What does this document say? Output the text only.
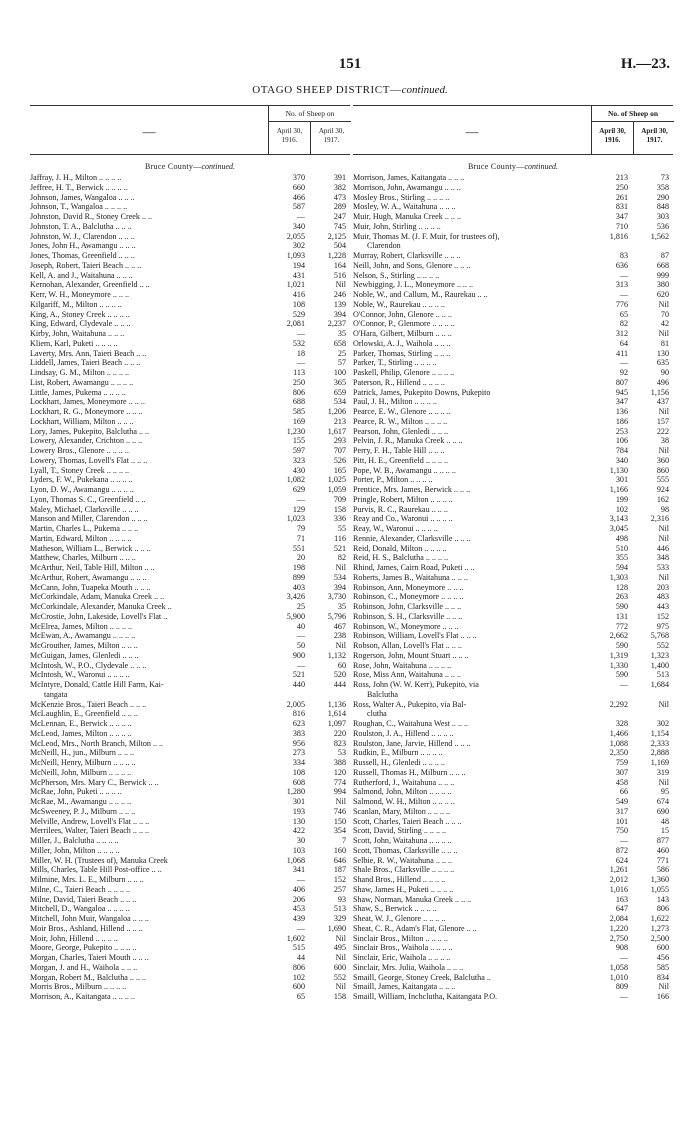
151	H.—23.
OTAGO SHEEP DISTRICT—continued.
—
No. of Sheep on
April 30, 1916.
April 30, 1917.
Bruce County—continued.
Jaffray, J. H., Milton .. .. .. ..	370	391
Jeffree, H. T., Berwick .. .. .. ..	660	382
Johnson, James, Wangaloa .. .. ..	466	473
Johnson, T., Wangaloa .. .. .. ..	587	289
Johnston, David R., Stoney Creek .. ..	—	247
Johnston, T. A., Balclutha .. .. ..	340	745
Johnston, W. J., Clarendon .. .. ..	2,055	2,125
Jones, John H., Awamangu .. .. ..	302	504
Jones, Thomas, Greenfield .. .. ..	1,093	1,228
Joseph, Robert, Taieri Beach .. .. ..	194	164
Kell, A. and J., Waitahuna .. .. ..	431	516
Kernohan, Alexander, Greenfield .. ..	1,021	Nil
Kerr, W. H., Moneymore .. .. ..	416	246
Kilgariff, M., Milton .. .. .. ..	108	139
King, A., Stoney Creek .. .. .. ..	529	394
King, Edward, Clydevale .. .. ..	2,081	2,237
Kirby, John, Waitahuna .. .. ..	—	35
Kliem, Karl, Puketi .. .. .. ..	532	658
Laverty, Mrs. Ann, Taieri Beach .. ..	18	25
Liddell, James, Taieri Beach .. .. ..	—	57
Lindsay, G. M., Milton .. .. .. ..	113	100
List, Robert, Awamangu .. .. .. ..	250	365
Little, James, Pukema .. .. .. ..	806	659
Lockhart, James, Moneymore .. .. ..	688	534
Lockhart, R. G., Moneymore .. .. ..	585	1,206
Lockhart, William, Milton .. .. ..	169	213
Lory, James, Pukepito, Balclutha .. ..	1,230	1,617
Lowery, Alexander, Crichton .. .. ..	155	293
Lowery Bros., Glenore .. .. .. ..	597	707
Lowery, Thomas, Lovell's Flat .. .. ..	323	526
Lyall, T., Stoney Creek .. .. .. ..	430	165
Lyders, F. W., Pukekana .. .. .. ..	1,082	1,025
Lyon, D. W., Awamangu .. .. .. ..	629	1,059
Lyon, Thomas S. C., Greenfield .. ..	—	709
Maley, Michael, Clarksville .. .. ..	129	158
Manson and Miller, Clarendon .. .. ..	1,023	336
Martin, Charles L., Pukema .. .. ..	79	55
Martin, Edward, Milton .. .. .. ..	71	116
Matheson, William L., Berwick .. .. ..	551	521
Matthew, Charles, Milburn .. .. ..	20	82
McArthur, Neil, Table Hill, Milton .. ..	198	Nil
McArthur, Robert, Awamangu .. .. ..	899	534
McCann, John, Tuapeka Mouth .. .. ..	403	394
McCorkindale, Adam, Manuka Creek .. ..	3,426	3,730
McCorkindale, Alexander, Manuka Creek ..	25	35
McCrostie, John, Lakeside, Lovell's Flat ..	5,900	5,796
McElrea, James, Milton .. .. .. ..	40	467
McEwan, A., Awamangu .. .. .. ..	—	238
McGrouther, James, Milton .. .. ..	50	Nil
McGuigan, James, Glenledi .. .. ..	900	1,132
McIntosh, W., P.O., Clydevale .. .. ..	—	60
McIntosh, W., Waronui .. .. .. ..	521	520
McIntyre, Donald, Cattle Hill Farm, Kai-	440	444
tangata
McKenzie Bros., Taieri Beach .. .. ..	2,005	1,136
McLaughlin, E., Greenfield .. .. ..	816	1,614
McLennan, E., Berwick .. .. .. ..	623	1,097
McLeod, James, Milton .. .. .. ..	383	220
McLeod, Mrs., North Branch, Milton .. ..	956	823
McNeill, H., jun., Milburn .. .. ..	273	53
McNeill, Henry, Milburn .. .. .. ..	334	388
McNeill, John, Milburn .. .. .. ..	108	120
McPherson, Mrs. Mary C., Berwick .. ..	608	774
McRae, John, Puketi .. .. .. ..	1,280	994
McRae, M., Awamangu .. .. .. ..	301	Nil
McSweeney, P. J., Milburn .. .. ..	193	746
Melville, Andrew, Lovell's Flat .. .. ..	130	150
Merrilees, Walter, Taieri Beach .. .. ..	422	354
Miller, J., Balclutha .. .. .. ..	30	7
Miller, John, Milton .. .. .. ..	103	160
Miller, W. H. (Trustees of), Manuka Creek	1,068	646
Mills, Charles, Table Hill Post-office .. ..	341	187
Milmine, Mrs. L. E., Milburn .. .. ..	—	152
Milne, C., Taieri Beach .. .. .. ..	406	257
Milne, David, Taieri Beach .. .. ..	206	93
Mitchell, D., Wangaloa .. .. .. ..	453	513
Mitchell, John Muir, Wangaloa .. .. ..	439	329
Moir Bros., Ashland, Hillend .. .. ..	—	1,690
Moir, John, Hillend .. .. .. ..	1,602	Nil
Moore, George, Pukepito .. .. .. ..	515	495
Morgan, Charles, Taieri Mouth .. .. ..	44	Nil
Morgan, J. and H., Waihola .. .. ..	806	600
Morgan, Robert M., Balclutha .. .. ..	102	552
Morris Bros., Milburn .. .. .. ..	600	Nil
Morrison, A., Kaitangata .. .. .. ..	65	158
—
No. of Sheep on
April 30, 1916.
April 30, 1917.
Bruce County—continued.
Morrison, James, Kaitangata .. .. ..	213	73
Morrison, John, Awamangu .. .. ..	250	358
Mosley Bros., Stirling .. .. .. ..	261	290
Mosley, W. A., Waitahuna .. .. ..	831	848
Muir, Hugh, Manuka Creek .. .. ..	347	303
Muir, John, Stirling .. .. .. ..	710	536
Muir, Thomas M. (J. F. Muir, for trustees of),	1,816	1,562
Clarendon
Murray, Robert, Clarksville .. .. ..	83	87
Neill, John, and Sons, Glenore .. .. ..	636	668
Nelson, S., Stirling .. .. .. ..	—	999
Newbigging, J. L., Moneymore .. .. ..	313	380
Noble, W., and Callum, M., Raurekau .. ..	—	620
Noble, W., Raurekau .. .. .. ..	776	Nil
O'Connor, John, Glenore .. .. ..	65	70
O'Connor, P., Glenmore .. .. .. ..	82	42
O'Hara, Gilbert, Milburn .. .. ..	312	Nil
Orlowski, A. J., Waihola .. .. ..	64	81
Parker, Thomas, Stirling .. .. ..	411	130
Parker, T., Stirling .. .. .. ..	—	635
Paskell, Philip, Glenore .. .. .. ..	92	90
Paterson, R., Hillend .. .. .. ..	807	496
Patrick, James, Pukepito Downs, Pukepito	945	1,156
Paul, J. H., Milton .. .. .. ..	347	437
Pearce, E. W., Glenore .. .. .. ..	136	Nil
Pearce, R. W., Milton .. .. .. ..	186	157
Pearson, John, Glenledi .. .. ..	253	222
Pelvin, J. R., Manuka Creek .. .. ..	106	38
Perry, F. H., Table Hill .. .. ..	784	Nil
Pitt, H. E., Greenfield .. .. .. ..	340	360
Pope, W. B., Awamangu .. .. .. ..	1,130	860
Porter, P., Milton .. .. .. ..	301	555
Prentice, Mrs. James, Berwick .. .. ..	1,166	924
Pringle, Robert, Milton .. .. .. ..	199	162
Purvis, R. C., Raurekau .. .. ..	102	98
Reay and Co., Waronui .. .. .. ..	3,143	2,316
Reay, W., Waronui .. .. .. ..	3,045	Nil
Rennie, Alexander, Clarksville .. .. ..	498	Nil
Reid, Donald, Milton .. .. .. ..	510	446
Reid, H. S., Balclutha .. .. .. ..	355	348
Rhind, James, Cairn Road, Puketi .. ..	594	533
Roberts, James B., Waitahuna .. .. ..	1,303	Nil
Robinson, Ann, Moneymore .. .. ..	128	203
Robinson, C., Moneymore .. .. .. ..	263	483
Robinson, John, Clarksville .. .. ..	590	443
Robinson, S. H., Clarksville .. .. ..	131	152
Robinson, W., Moneymore .. .. ..	772	975
Robinson, William, Lovell's Flat .. .. ..	2,662	5,768
Robson, Allan, Lovell's Flat .. .. ..	590	552
Rogerson, John, Mount Stuart .. .. ..	1,319	1,323
Rose, John, Waitahuna .. .. .. ..	1,330	1,400
Rose, Miss Ann, Waitahuna .. .. ..	590	513
Ross, John (W. W. Kerr), Pukepito, via	—	1,684
Balclutha
Ross, Walter A., Pukepito, via Bal-	2,292	Nil
clutha
Roughan, C., Waitahuna West .. .. ..	328	302
Roulston, J. A., Hillend .. .. .. ..	1,466	1,154
Roulston, Jane, Jarvie, Hillend .. .. ..	1,088	2,333
Rudkin, E., Milburn .. .. .. ..	2,350	2,888
Russell, H., Glenledi .. .. .. ..	759	1,169
Russell, Thomas H., Milburn .. .. ..	307	319
Rutherford, J., Waitahuna .. .. ..	458	Nil
Salmond, John, Milton .. .. .. ..	66	95
Salmond, W. H., Milton .. .. .. ..	549	674
Scanlan, Mary, Milton .. .. .. ..	317	690
Scott, Charles, Taieri Beach .. .. ..	101	48
Scott, David, Stirling .. .. .. ..	750	15
Scott, John, Waitahuna .. .. .. ..	—	877
Scott, Thomas, Clarksville .. .. ..	872	460
Selbie, R. W., Waitahuna .. .. ..	624	771
Shale Bros., Clarksville .. .. .. ..	1,261	586
Shand Bros., Hillend .. .. .. ..	2,012	1,360
Shaw, James H., Puketi .. .. .. ..	1,016	1,055
Shaw, Norman, Manuka Creek .. .. ..	163	143
Shaw, S., Berwick .. .. .. ..	647	806
Sheat, W. J., Glenore .. .. .. ..	2,084	1,622
Sheat, C. R., Adam's Flat, Glenore .. ..	1,220	1,273
Sinclair Bros., Milton .. .. .. ..	2,750	2,500
Sinclair Bros., Waihola .. .. .. ..	908	600
Sinclair, Eric, Waihola .. .. .. ..	—	456
Sinclair, Mrs. Julia, Waihola .. .. ..	1,058	585
Smaill, George, Stoney Creek, Balclutha ..	1,010	834
Smaill, James, Kaitangata .. .. ..	809	Nil
Smaill, William, Inchclutha, Kaitangata P.O.	—	166
